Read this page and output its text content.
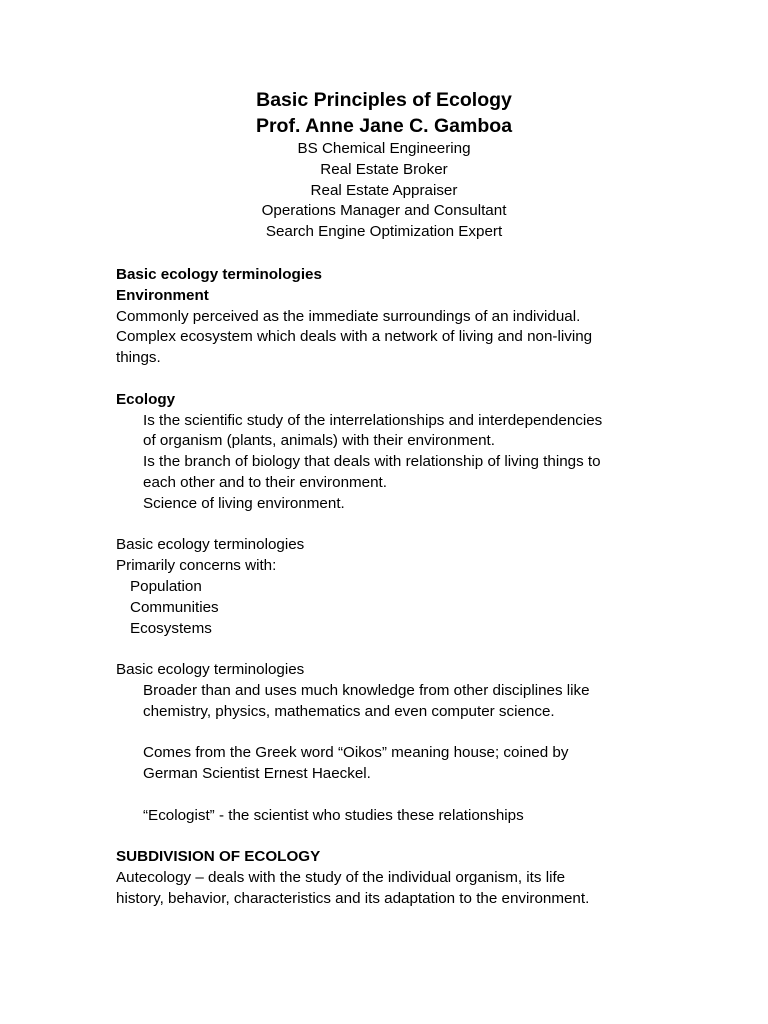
Basic Principles of Ecology

Prof. Anne Jane C. Gamboa

BS Chemical Engineering

Real Estate Broker

Real Estate Appraiser

Operations Manager and Consultant

Search Engine Optimization Expert

Basic ecology terminologies

Environment

Commonly perceived as the immediate surroundings of an individual.

Complex ecosystem which deals with a network of living and non-living

things.

Ecology

Is the scientific study of the interrelationships and interdependencies

of organism (plants, animals) with their environment.

Is the branch of biology that deals with relationship of living things to

each other and to their environment.

Science of living environment.

Basic ecology terminologies

Primarily concerns with:

Population

Communities

Ecosystems

Basic ecology terminologies

Broader than and uses much knowledge from other disciplines like

chemistry, physics, mathematics and even computer science.

Comes from the Greek word “Oikos” meaning house; coined by

German Scientist Ernest Haeckel.

“Ecologist” - the scientist who studies these relationships

SUBDIVISION OF ECOLOGY

Autecology – deals with the study of the individual organism, its life

history, behavior, characteristics and its adaptation to the environment.
